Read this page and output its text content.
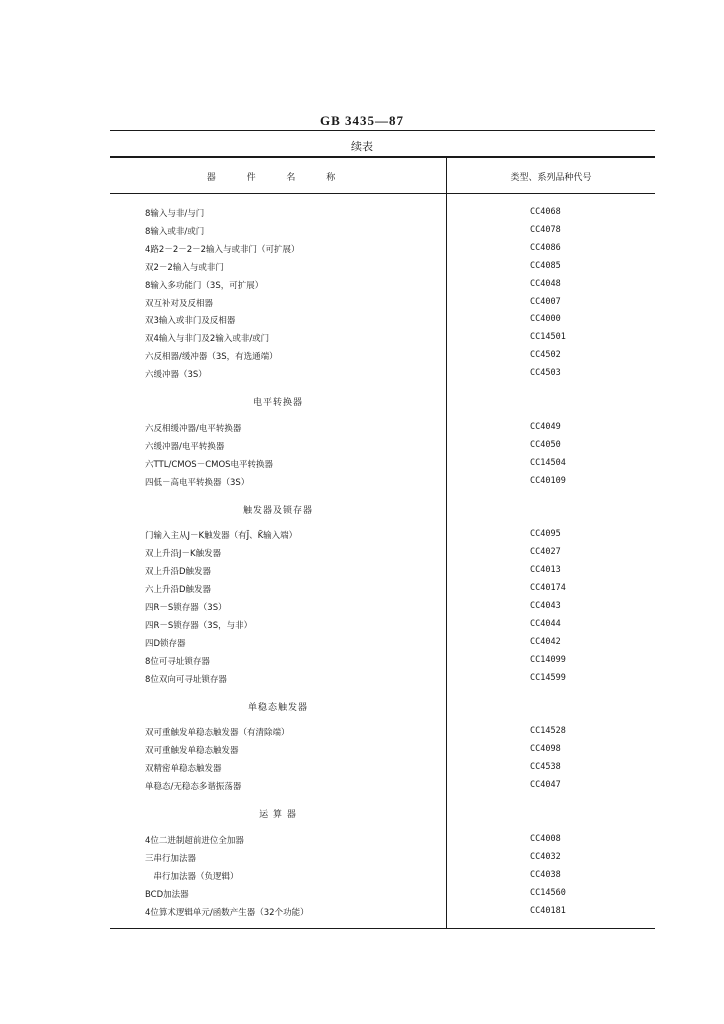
GB 3435—87
续表
器 件 名 称	类型、系列品种代号
8输入与非/与门	CC4068
8输入或非/或门	CC4078
4路2－2－2－2输入与或非门（可扩展）	CC4086
双2－2输入与或非门	CC4085
8输入多功能门（3S，可扩展）	CC4048
双互补对及反相器	CC4007
双3输入或非门及反相器	CC4000
双4输入与非门及2输入或非/或门	CC14501
六反相器/缓冲器（3S，有选通端）	CC4502
六缓冲器（3S）	CC4503
电平转换器
六反相缓冲器/电平转换器	CC4049
六缓冲器/电平转换器	CC4050
六TTL/CMOS－CMOS电平转换器	CC14504
四低－高电平转换器（3S）	CC40109
触发器及锁存器
门输入主从J－K触发器（有J̄、K̄输入端）	CC4095
双上升沿J－K触发器	CC4027
双上升沿D触发器	CC4013
六上升沿D触发器	CC40174
四R－S锁存器（3S）	CC4043
四R－S锁存器（3S，与非）	CC4044
四D锁存器	CC4042
8位可寻址锁存器	CC14099
8位双向可寻址锁存器	CC14599
单稳态触发器
双可重触发单稳态触发器（有清除端）	CC14528
双可重触发单稳态触发器	CC4098
双精密单稳态触发器	CC4538
单稳态/无稳态多谐振荡器	CC4047
运 算 器
4位二进制超前进位全加器	CC4008
三串行加法器	CC4032
　串行加法器（负逻辑）	CC4038
BCD加法器	CC14560
4位算术逻辑单元/函数产生器（32个功能）	CC40181
